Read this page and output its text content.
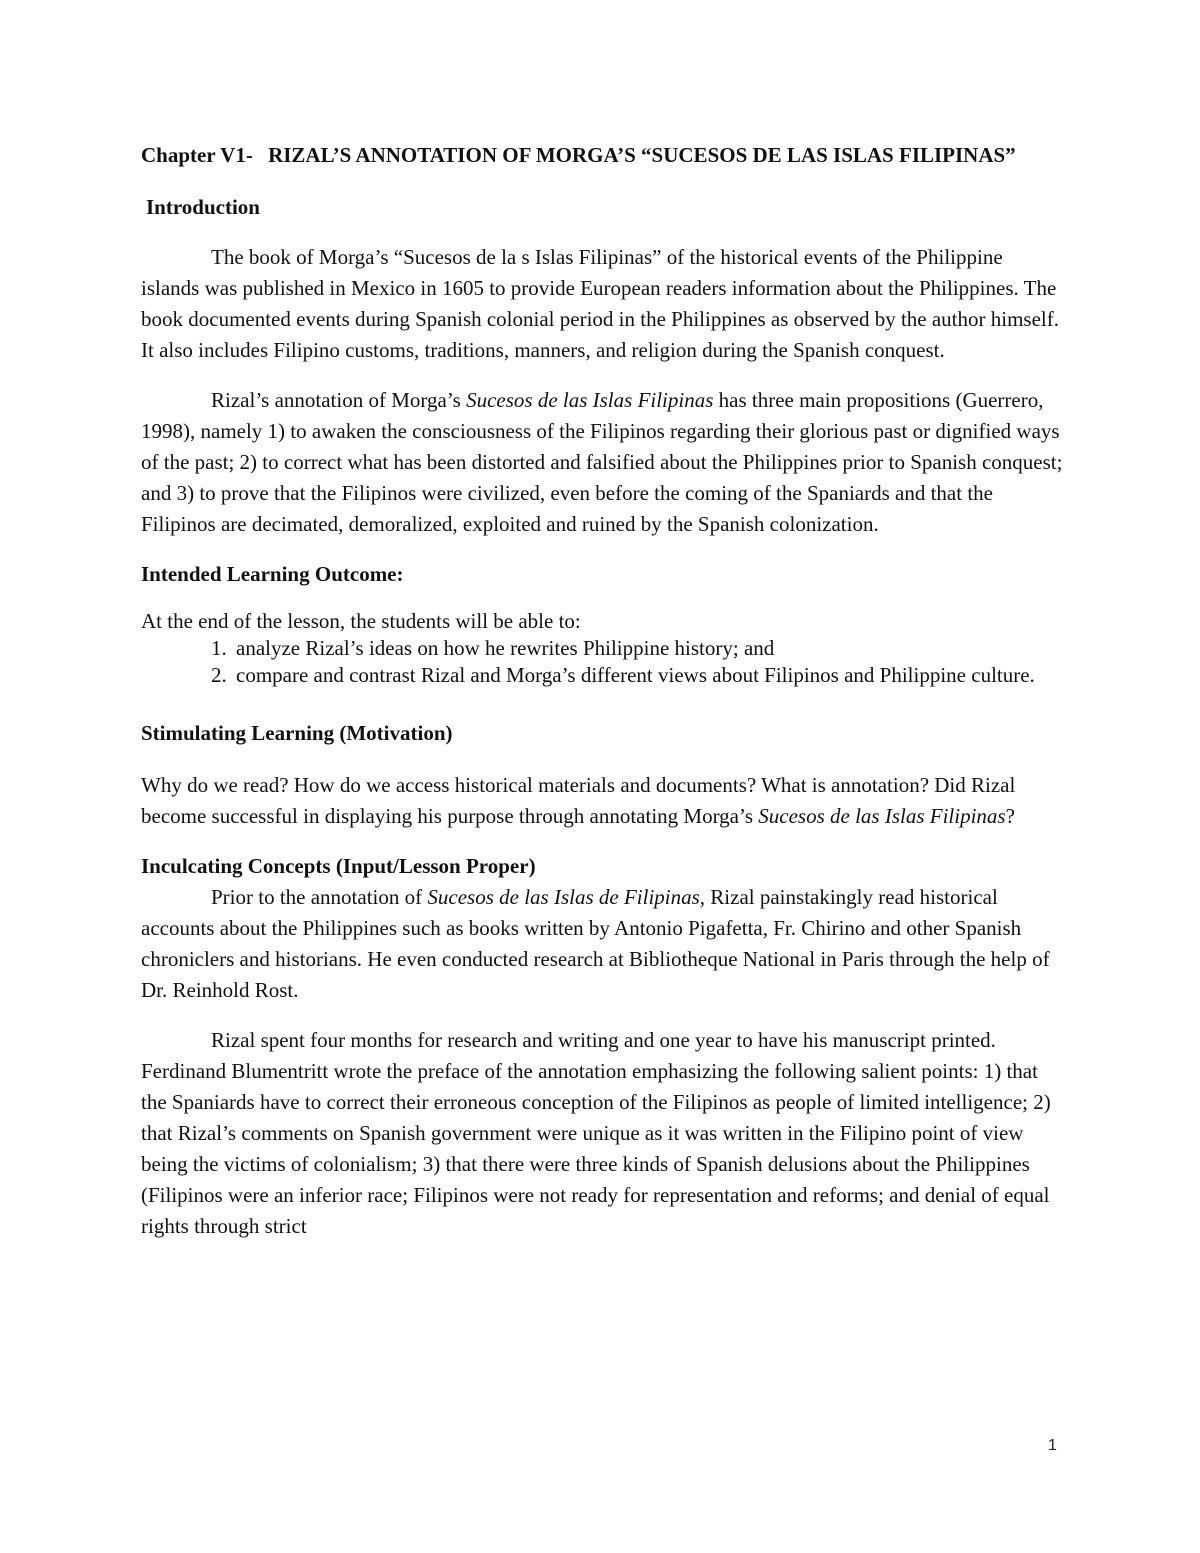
Chapter V1- RIZAL’S ANNOTATION OF MORGA’S “SUCESOS DE LAS ISLAS FILIPINAS”

Introduction

The book of Morga’s “Sucesos de la s Islas Filipinas” of the historical events of the Philippine islands was published in Mexico in 1605 to provide European readers information about the Philippines. The book documented events during Spanish colonial period in the Philippines as observed by the author himself. It also includes Filipino customs, traditions, manners, and religion during the Spanish conquest.

Rizal’s annotation of Morga’s Sucesos de las Islas Filipinas has three main propositions (Guerrero, 1998), namely 1) to awaken the consciousness of the Filipinos regarding their glorious past or dignified ways of the past; 2) to correct what has been distorted and falsified about the Philippines prior to Spanish conquest; and 3) to prove that the Filipinos were civilized, even before the coming of the Spaniards and that the Filipinos are decimated, demoralized, exploited and ruined by the Spanish colonization.

Intended Learning Outcome:

At the end of the lesson, the students will be able to:

1. analyze Rizal’s ideas on how he rewrites Philippine history; and
2. compare and contrast Rizal and Morga’s different views about Filipinos and Philippine culture.
Stimulating Learning (Motivation)

Why do we read? How do we access historical materials and documents? What is annotation? Did Rizal become successful in displaying his purpose through annotating Morga’s Sucesos de las Islas Filipinas?

Inculcating Concepts (Input/Lesson Proper)

Prior to the annotation of Sucesos de las Islas de Filipinas, Rizal painstakingly read historical accounts about the Philippines such as books written by Antonio Pigafetta, Fr. Chirino and other Spanish chroniclers and historians. He even conducted research at Bibliotheque National in Paris through the help of Dr. Reinhold Rost.

Rizal spent four months for research and writing and one year to have his manuscript printed. Ferdinand Blumentritt wrote the preface of the annotation emphasizing the following salient points: 1) that the Spaniards have to correct their erroneous conception of the Filipinos as people of limited intelligence; 2) that Rizal’s comments on Spanish government were unique as it was written in the Filipino point of view being the victims of colonialism; 3) that there were three kinds of Spanish delusions about the Philippines (Filipinos were an inferior race; Filipinos were not ready for representation and reforms; and denial of equal rights through strict

1
